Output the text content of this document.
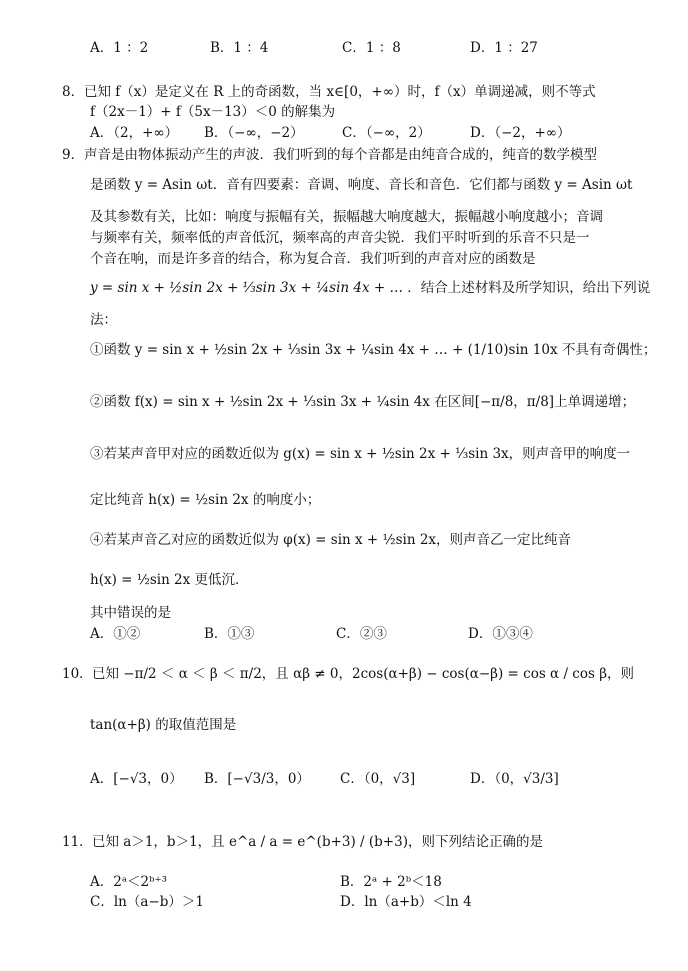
A．1 ：2	B．1 ：4	C．1 ：8	D．1 ：27
8． 已知 f（x）是定义在 R 上的奇函数，当 x∈[0，+∞）时，f（x）单调递减，则不等式
f（2x－1）+ f（5x－13）＜0 的解集为
A．（2，+∞） B．（−∞，−2）	C．（−∞，2）	D．（−2，+∞）
9． 声音是由物体振动产生的声波．我们听到的每个音都是由纯音合成的，纯音的数学模型
是函数 y = Asin ωt．音有四要素：音调、响度、音长和音色．它们都与函数 y = Asin ωt
及其参数有关，比如：响度与振幅有关，振幅越大响度越大，振幅越小响度越小；音调
与频率有关，频率低的声音低沉，频率高的声音尖锐．我们平时听到的乐音不只是一
个音在响，而是许多音的结合，称为复合音．我们听到的声音对应的函数是
y = sin x + ½sin 2x + ⅓sin 3x + ¼sin 4x + … ．结合上述材料及所学知识，给出下列说
法：
①函数 y = sin x + ½sin 2x + ⅓sin 3x + ¼sin 4x + … + (1/10)sin 10x 不具有奇偶性；
②函数 f(x) = sin x + ½sin 2x + ⅓sin 3x + ¼sin 4x 在区间[−π/8，π/8]上单调递增；
③若某声音甲对应的函数近似为 g(x) = sin x + ½sin 2x + ⅓sin 3x，则声音甲的响度一
定比纯音 h(x) = ½sin 2x 的响度小；
④若某声音乙对应的函数近似为 φ(x) = sin x + ½sin 2x，则声音乙一定比纯音
h(x) = ½sin 2x 更低沉．
其中错误的是
A．①②	B．①③	C．②③	D．①③④
10． 已知 −π/2 ＜ α ＜ β ＜ π/2，且 αβ ≠ 0，2cos(α+β) − cos(α−β) = cos α / cos β，则
tan(α+β) 的取值范围是
A．[−√3，0） B．[−√3/3，0） C．（0，√3]	D．（0，√3/3]
11． 已知 a＞1，b＞1，且 e^a / a = e^(b+3) / (b+3)，则下列结论正确的是
A．2ᵃ＜2ᵇ⁺³	B．2ᵃ + 2ᵇ＜18
C．ln（a−b）＞1	D．ln（a+b）＜ln 4
